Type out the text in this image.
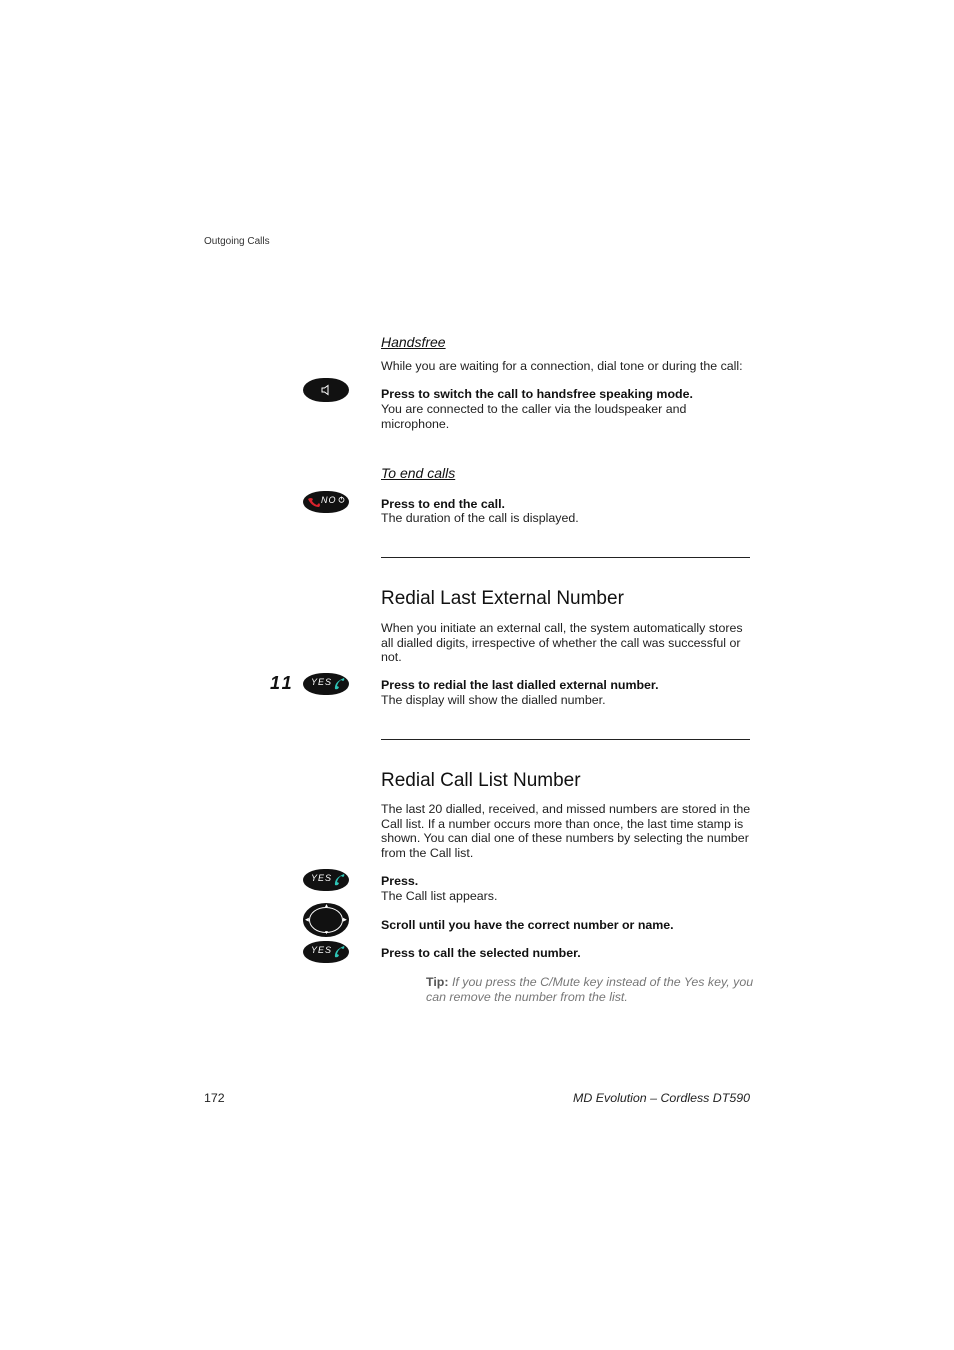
Outgoing Calls
Handsfree
While you are waiting for a connection, dial tone or during the call:
Press to switch the call to handsfree speaking mode.
You are connected to the caller via the loudspeaker and microphone.
To end calls
NO	Press to end the call.
The duration of the call is displayed.
Redial Last External Number
When you initiate an external call, the system automatically stores all dialled digits, irrespective of whether the call was successful or not.
11 YES	Press to redial the last dialled external number.
The display will show the dialled number.
Redial Call List Number
The last 20 dialled, received, and missed numbers are stored in the Call list. If a number occurs more than once, the last time stamp is shown. You can dial one of these numbers by selecting the number from the Call list.
YES	Press.
The Call list appears.
▲
▼
◀	▶	Scroll until you have the correct number or name.
YES	Press to call the selected number.
Tip: If you press the C/Mute key instead of the Yes key, you can remove the number from the list.
172	MD Evolution – Cordless DT590
